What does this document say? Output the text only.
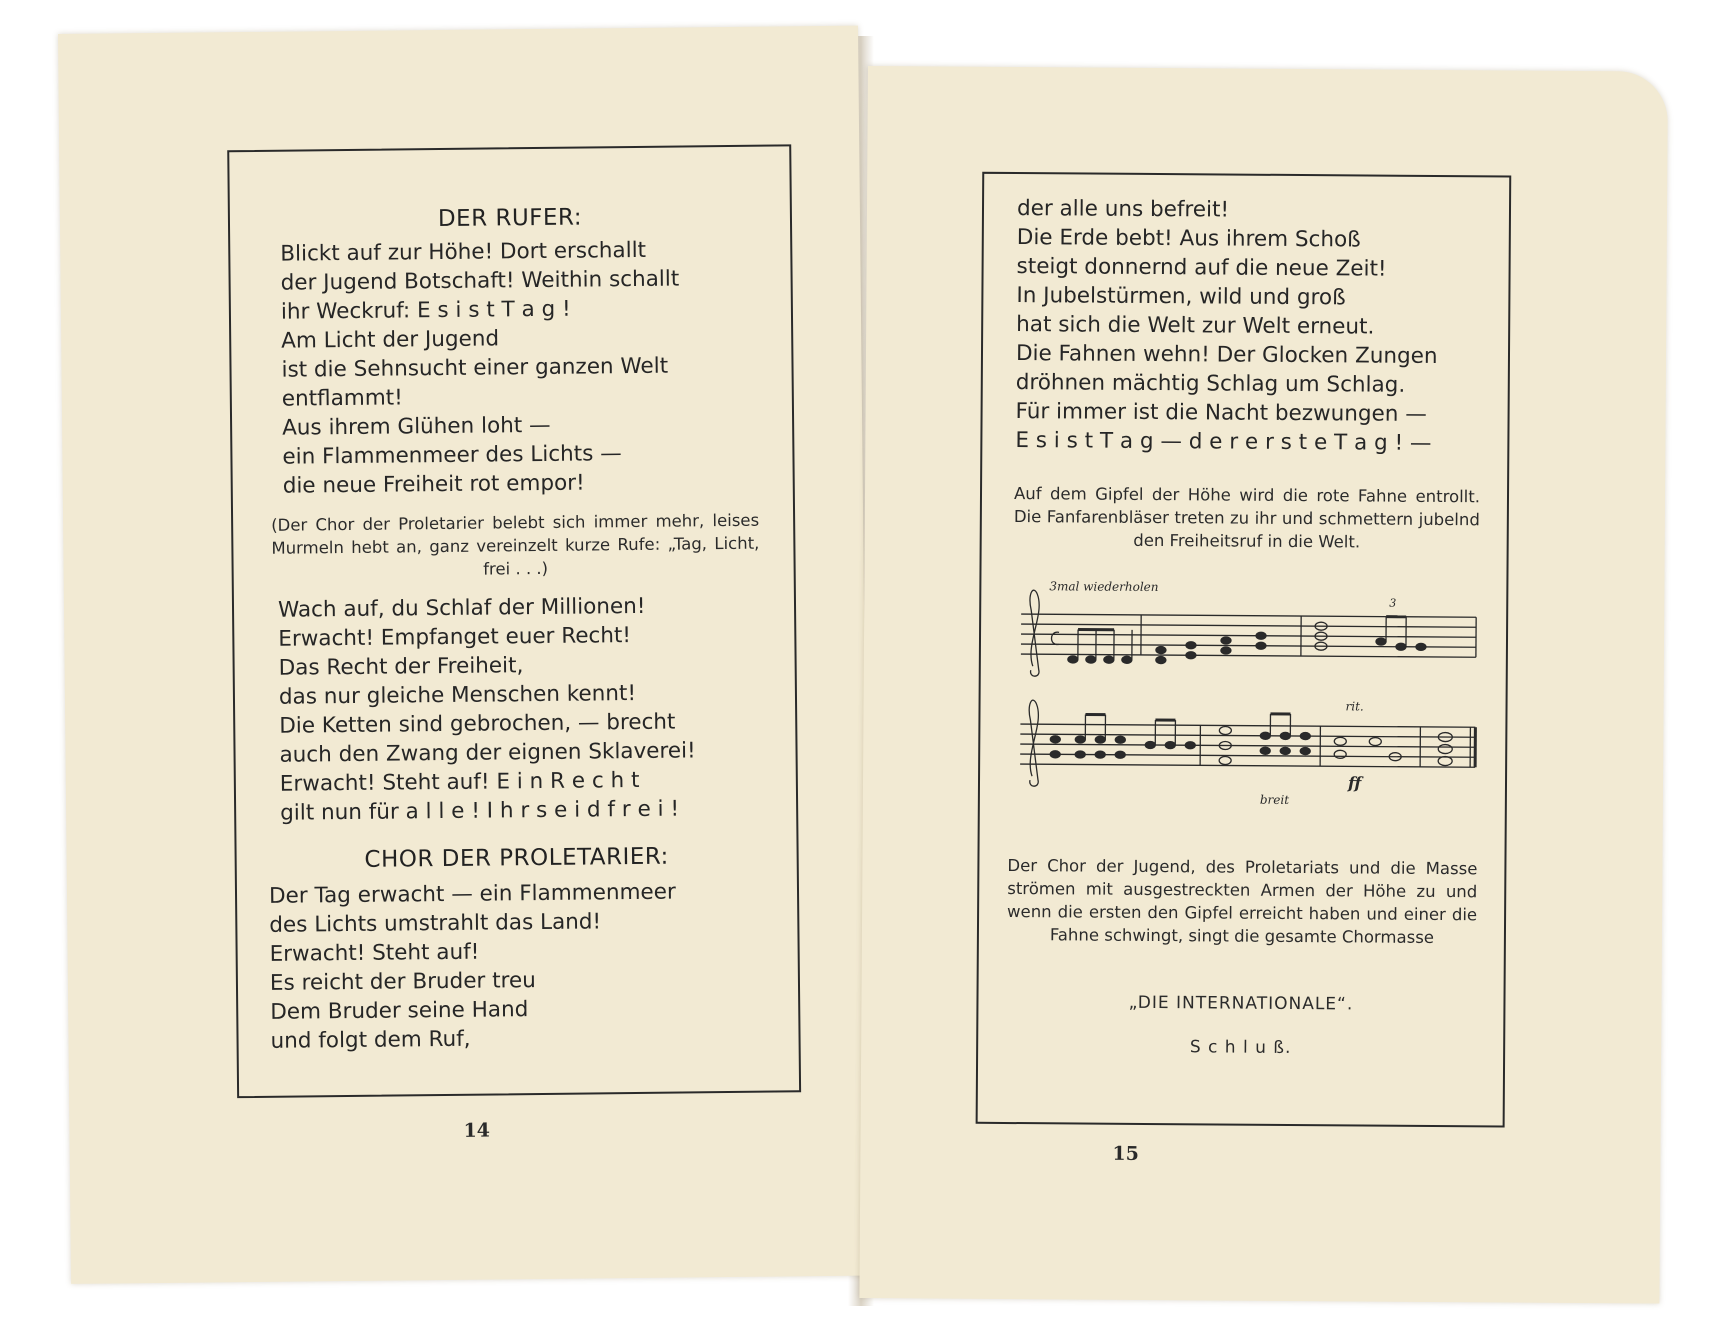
DER RUFER:
Blickt auf zur Höhe! Dort erschallt
der Jugend Botschaft! Weithin schallt
ihr Weckruf: E s i s t T a g !
Am Licht der Jugend
ist die Sehnsucht einer ganzen Welt
entflammt!
Aus ihrem Glühen loht —
ein Flammenmeer des Lichts —
die neue Freiheit rot empor!
(Der Chor der Proletarier belebt sich immer mehr, leises Murmeln hebt an, ganz vereinzelt kurze Rufe: „Tag, Licht, frei . . .)
Wach auf, du Schlaf der Millionen!
Erwacht! Empfanget euer Recht!
Das Recht der Freiheit,
das nur gleiche Menschen kennt!
Die Ketten sind gebrochen, — brecht
auch den Zwang der eignen Sklaverei!
Erwacht! Steht auf! E i n R e c h t
gilt nun für a l l e ! I h r s e i d f r e i !
CHOR DER PROLETARIER:
Der Tag erwacht — ein Flammenmeer
des Lichts umstrahlt das Land!
Erwacht! Steht auf!
Es reicht der Bruder treu
Dem Bruder seine Hand
und folgt dem Ruf,
14
der alle uns befreit!
Die Erde bebt! Aus ihrem Schoß
steigt donnernd auf die neue Zeit!
In Jubelstürmen, wild und groß
hat sich die Welt zur Welt erneut.
Die Fahnen wehn! Der Glocken Zungen
dröhnen mächtig Schlag um Schlag.
Für immer ist die Nacht bezwungen —
E s i s t T a g — d e r e r s t e T a g ! —
Auf dem Gipfel der Höhe wird die rote Fahne entrollt. Die Fanfarenbläser treten zu ihr und schmettern jubelnd den Freiheitsruf in die Welt.
3mal wiederholen
3
breit
rit.
ff
Der Chor der Jugend, des Proletariats und die Masse strömen mit ausgestreckten Armen der Höhe zu und wenn die ersten den Gipfel erreicht haben und einer die Fahne schwingt, singt die gesamte Chormasse
„DIE INTERNATIONALE“.
S c h l u ß.
15
